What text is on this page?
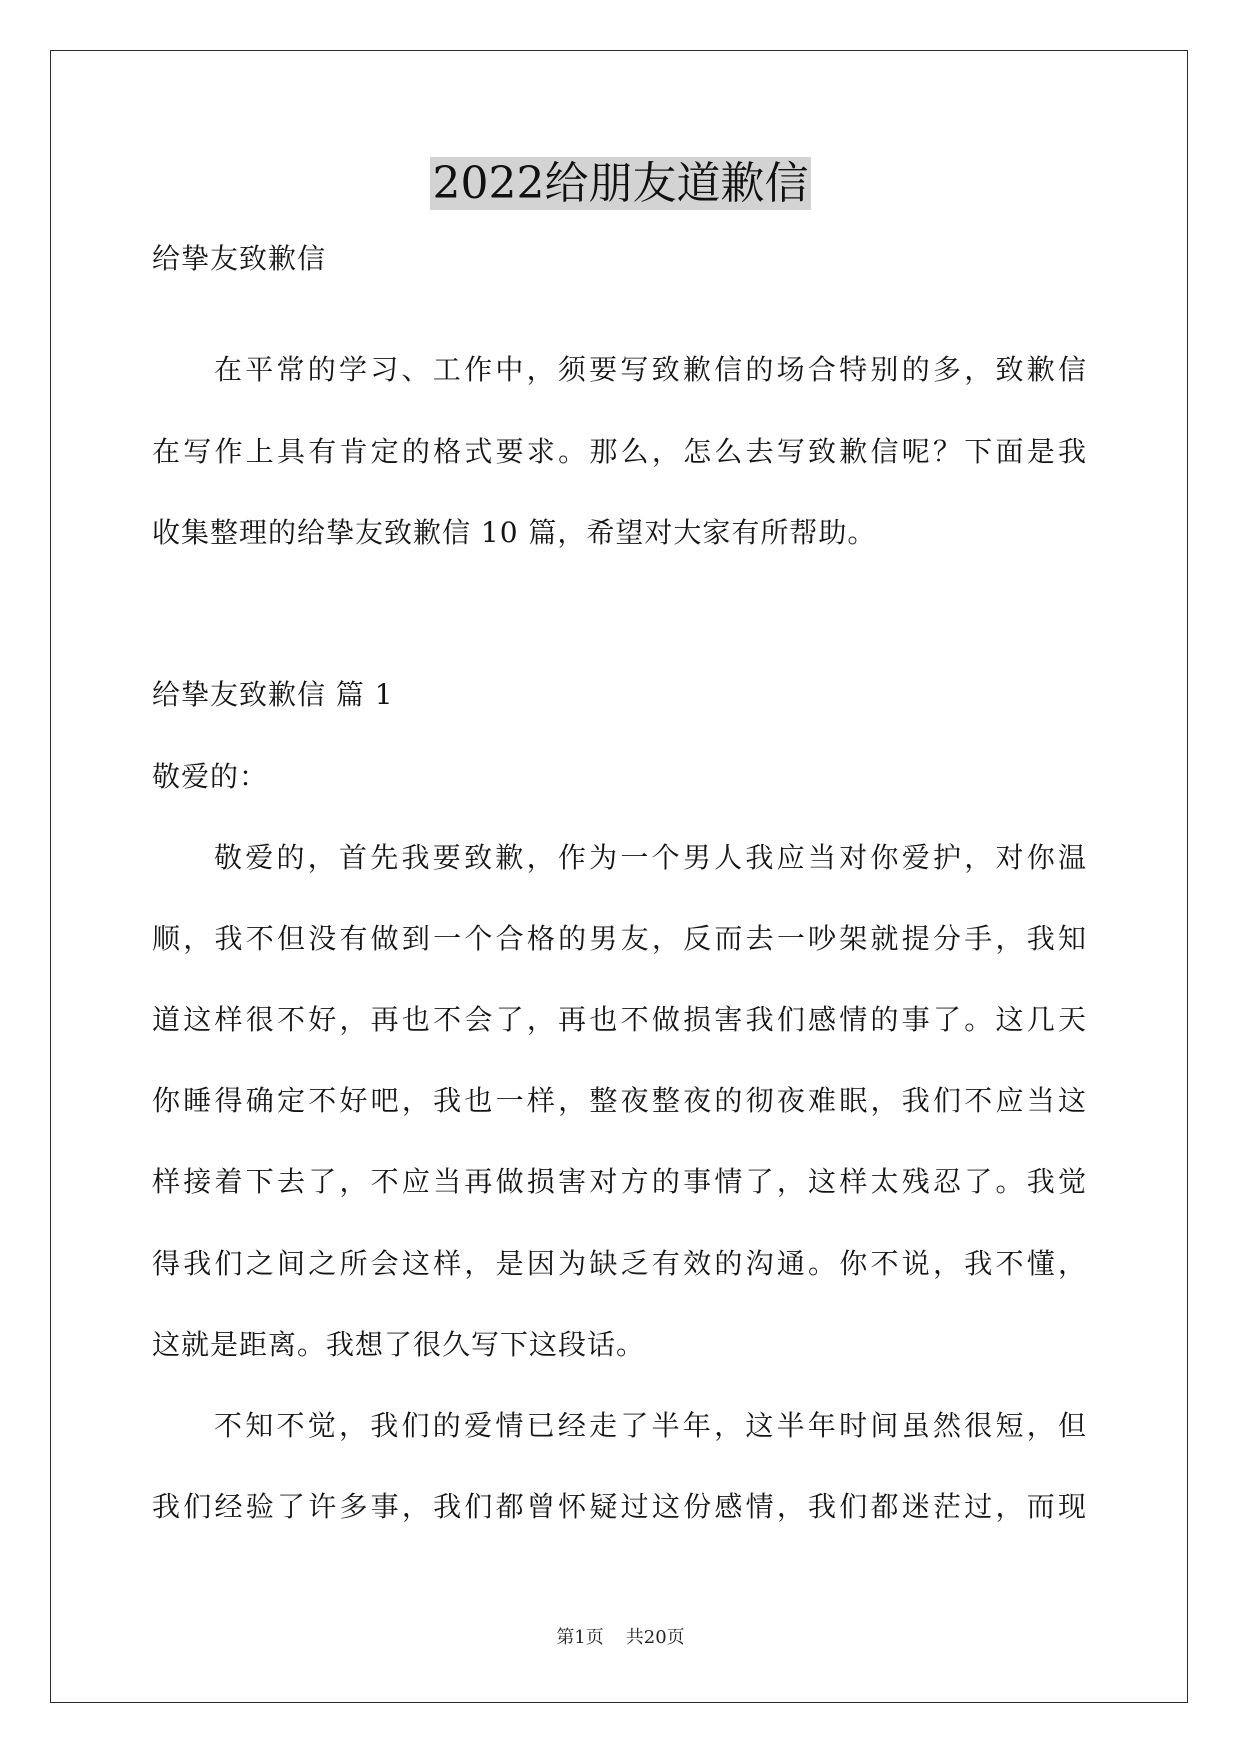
2022给朋友道歉信
给挚友致歉信
在平常的学习、工作中，须要写致歉信的场合特别的多，致歉信
在写作上具有肯定的格式要求。那么，怎么去写致歉信呢？下面是我
收集整理的给挚友致歉信 10 篇，希望对大家有所帮助。
给挚友致歉信 篇 1
敬爱的：
敬爱的，首先我要致歉，作为一个男人我应当对你爱护，对你温
顺，我不但没有做到一个合格的男友，反而去一吵架就提分手，我知
道这样很不好，再也不会了，再也不做损害我们感情的事了。这几天
你睡得确定不好吧，我也一样，整夜整夜的彻夜难眠，我们不应当这
样接着下去了，不应当再做损害对方的事情了，这样太残忍了。我觉
得我们之间之所会这样，是因为缺乏有效的沟通。你不说，我不懂，
这就是距离。我想了很久写下这段话。
不知不觉，我们的爱情已经走了半年，这半年时间虽然很短，但
我们经验了许多事，我们都曾怀疑过这份感情，我们都迷茫过，而现
第1页 共20页
